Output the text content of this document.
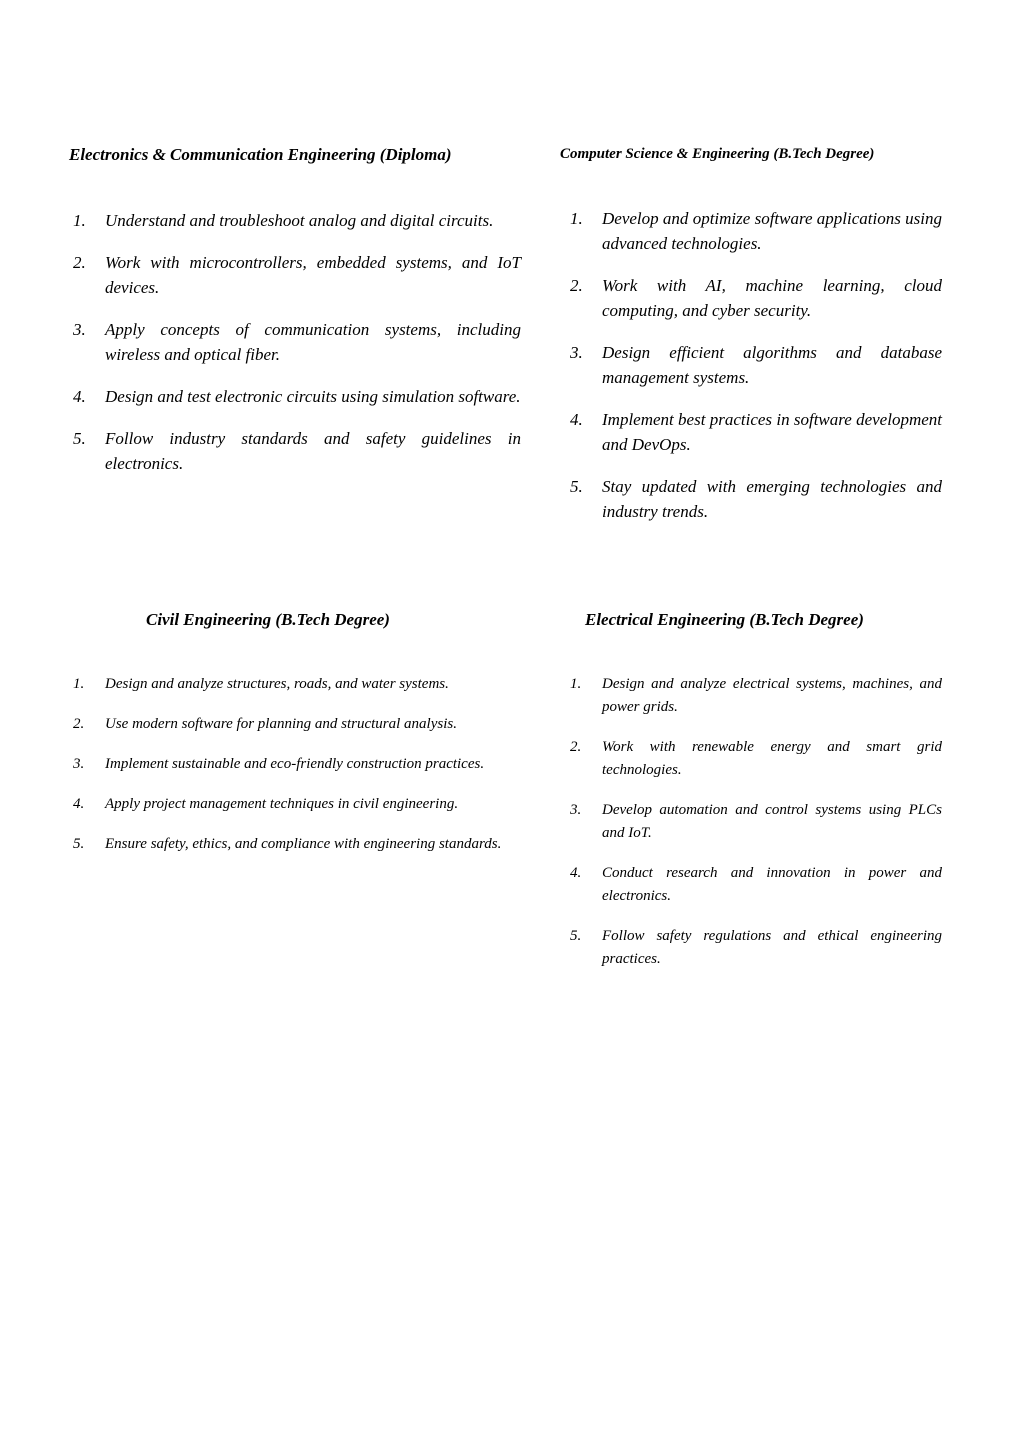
Electronics & Communication Engineering (Diploma)
1. Understand and troubleshoot analog and digital circuits.
2. Work with microcontrollers, embedded systems, and IoT devices.
3. Apply concepts of communication systems, including wireless and optical fiber.
4. Design and test electronic circuits using simulation software.
5. Follow industry standards and safety guidelines in electronics.
Computer Science & Engineering (B.Tech Degree)
1. Develop and optimize software applications using advanced technologies.
2. Work with AI, machine learning, cloud computing, and cyber security.
3. Design efficient algorithms and database management systems.
4. Implement best practices in software development and DevOps.
5. Stay updated with emerging technologies and industry trends.
Civil Engineering (B.Tech Degree)
1. Design and analyze structures, roads, and water systems.
2. Use modern software for planning and structural analysis.
3. Implement sustainable and eco-friendly construction practices.
4. Apply project management techniques in civil engineering.
5. Ensure safety, ethics, and compliance with engineering standards.
Electrical Engineering (B.Tech Degree)
1. Design and analyze electrical systems, machines, and power grids.
2. Work with renewable energy and smart grid technologies.
3. Develop automation and control systems using PLCs and IoT.
4. Conduct research and innovation in power and electronics.
5. Follow safety regulations and ethical engineering practices.
